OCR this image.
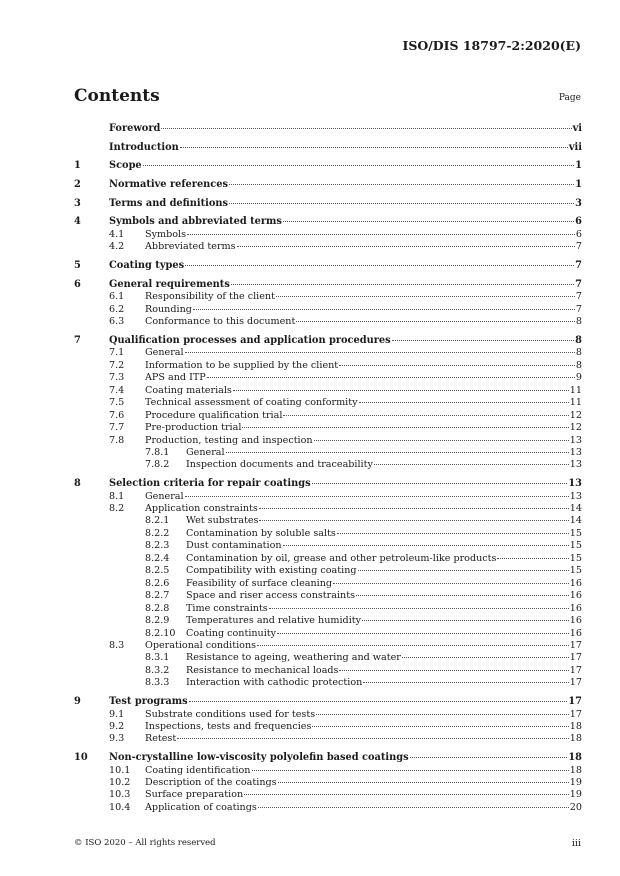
ISO/DIS 18797-2:2020(E)
Contents	Page
Foreword	vi
Introduction	vii
1	Scope	1
2	Normative references	1
3	Terms and definitions	3
4	Symbols and abbreviated terms	6
4.1	Symbols	6
4.2	Abbreviated terms	7
5	Coating types	7
6	General requirements	7
6.1	Responsibility of the client	7
6.2	Rounding	7
6.3	Conformance to this document	8
7	Qualification processes and application procedures	8
7.1	General	8
7.2	Information to be supplied by the client	8
7.3	APS and ITP	9
7.4	Coating materials	11
7.5	Technical assessment of coating conformity	11
7.6	Procedure qualification trial	12
7.7	Pre-production trial	12
7.8	Production, testing and inspection	13
7.8.1	General	13
7.8.2	Inspection documents and traceability	13
8	Selection criteria for repair coatings	13
8.1	General	13
8.2	Application constraints	14
8.2.1	Wet substrates	14
8.2.2	Contamination by soluble salts	15
8.2.3	Dust contamination	15
8.2.4	Contamination by oil, grease and other petroleum-like products	15
8.2.5	Compatibility with existing coating	15
8.2.6	Feasibility of surface cleaning	16
8.2.7	Space and riser access constraints	16
8.2.8	Time constraints	16
8.2.9	Temperatures and relative humidity	16
8.2.10	Coating continuity	16
8.3	Operational conditions	17
8.3.1	Resistance to ageing, weathering and water	17
8.3.2	Resistance to mechanical loads	17
8.3.3	Interaction with cathodic protection	17
9	Test programs	17
9.1	Substrate conditions used for tests	17
9.2	Inspections, tests and frequencies	18
9.3	Retest	18
10	Non-crystalline low-viscosity polyolefin based coatings	18
10.1	Coating identification	18
10.2	Description of the coatings	19
10.3	Surface preparation	19
10.4	Application of coatings	20
© ISO 2020 – All rights reserved	iii
